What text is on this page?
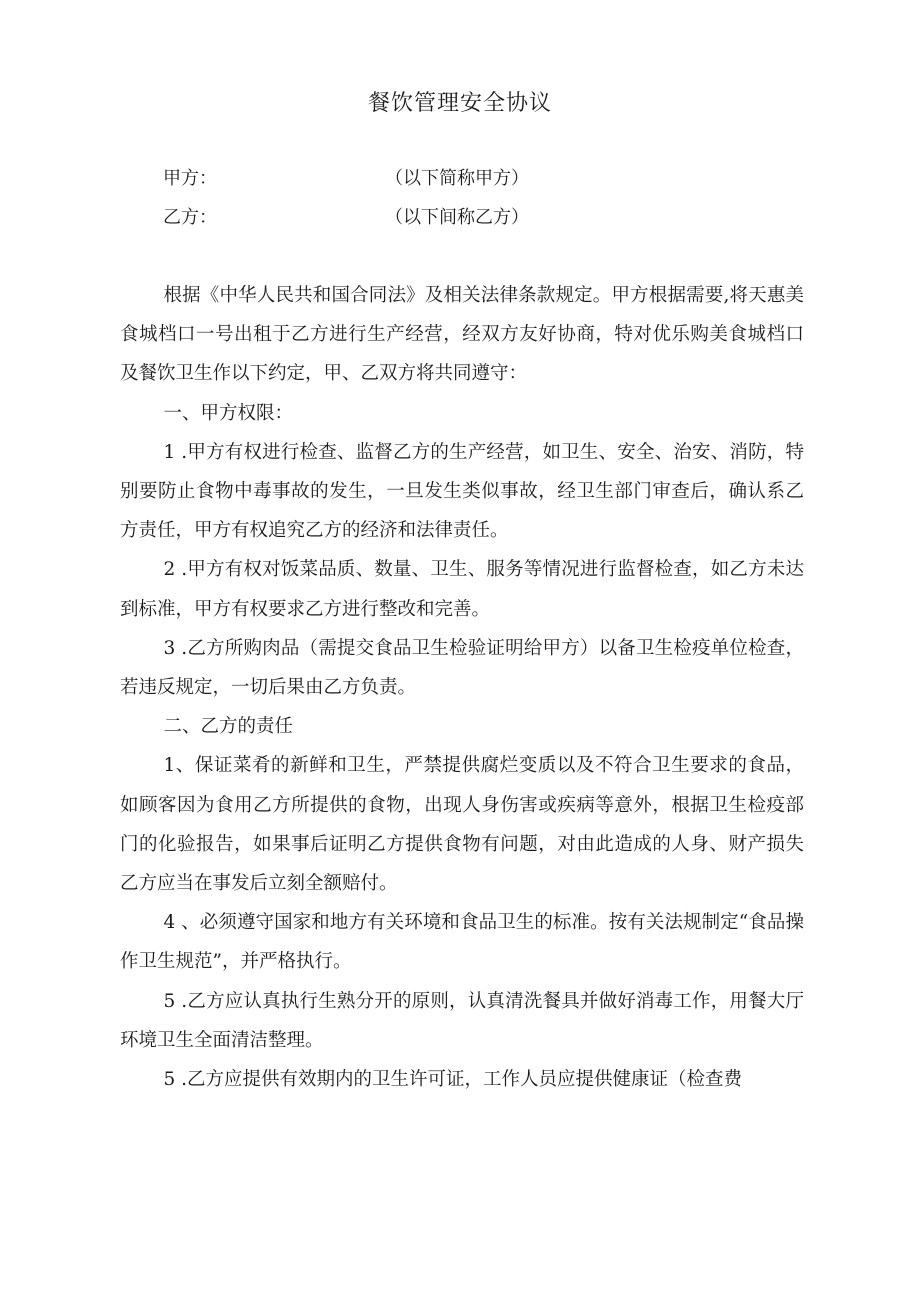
餐饮管理安全协议
甲方：	（以下简称甲方）
乙方：	（以下间称乙方）

根据《中华人民共和国合同法》及相关法律条款规定。甲方根据需要,将天惠美食城档口一号出租于乙方进行生产经营，经双方友好协商，特对优乐购美食城档口及餐饮卫生作以下约定，甲、乙双方将共同遵守：

一、甲方权限：

1 .甲方有权进行检查、监督乙方的生产经营，如卫生、安全、治安、消防，特别要防止食物中毒事故的发生，一旦发生类似事故，经卫生部门审查后，确认系乙方责任，甲方有权追究乙方的经济和法律责任。

2 .甲方有权对饭菜品质、数量、卫生、服务等情况进行监督检查，如乙方未达到标准，甲方有权要求乙方进行整改和完善。

3 .乙方所购肉品（需提交食品卫生检验证明给甲方）以备卫生检疫单位检查，若违反规定，一切后果由乙方负责。

二、乙方的责任

1、保证菜肴的新鲜和卫生，严禁提供腐烂变质以及不符合卫生要求的食品，如顾客因为食用乙方所提供的食物，出现人身伤害或疾病等意外，根据卫生检疫部门的化验报告，如果事后证明乙方提供食物有问题，对由此造成的人身、财产损失乙方应当在事发后立刻全额赔付。

4 、必须遵守国家和地方有关环境和食品卫生的标准。按有关法规制定“食品操作卫生规范”，并严格执行。

5 .乙方应认真执行生熟分开的原则，认真清洗餐具并做好消毒工作，用餐大厅环境卫生全面清洁整理。

5 .乙方应提供有效期内的卫生许可证，工作人员应提供健康证（检查费
